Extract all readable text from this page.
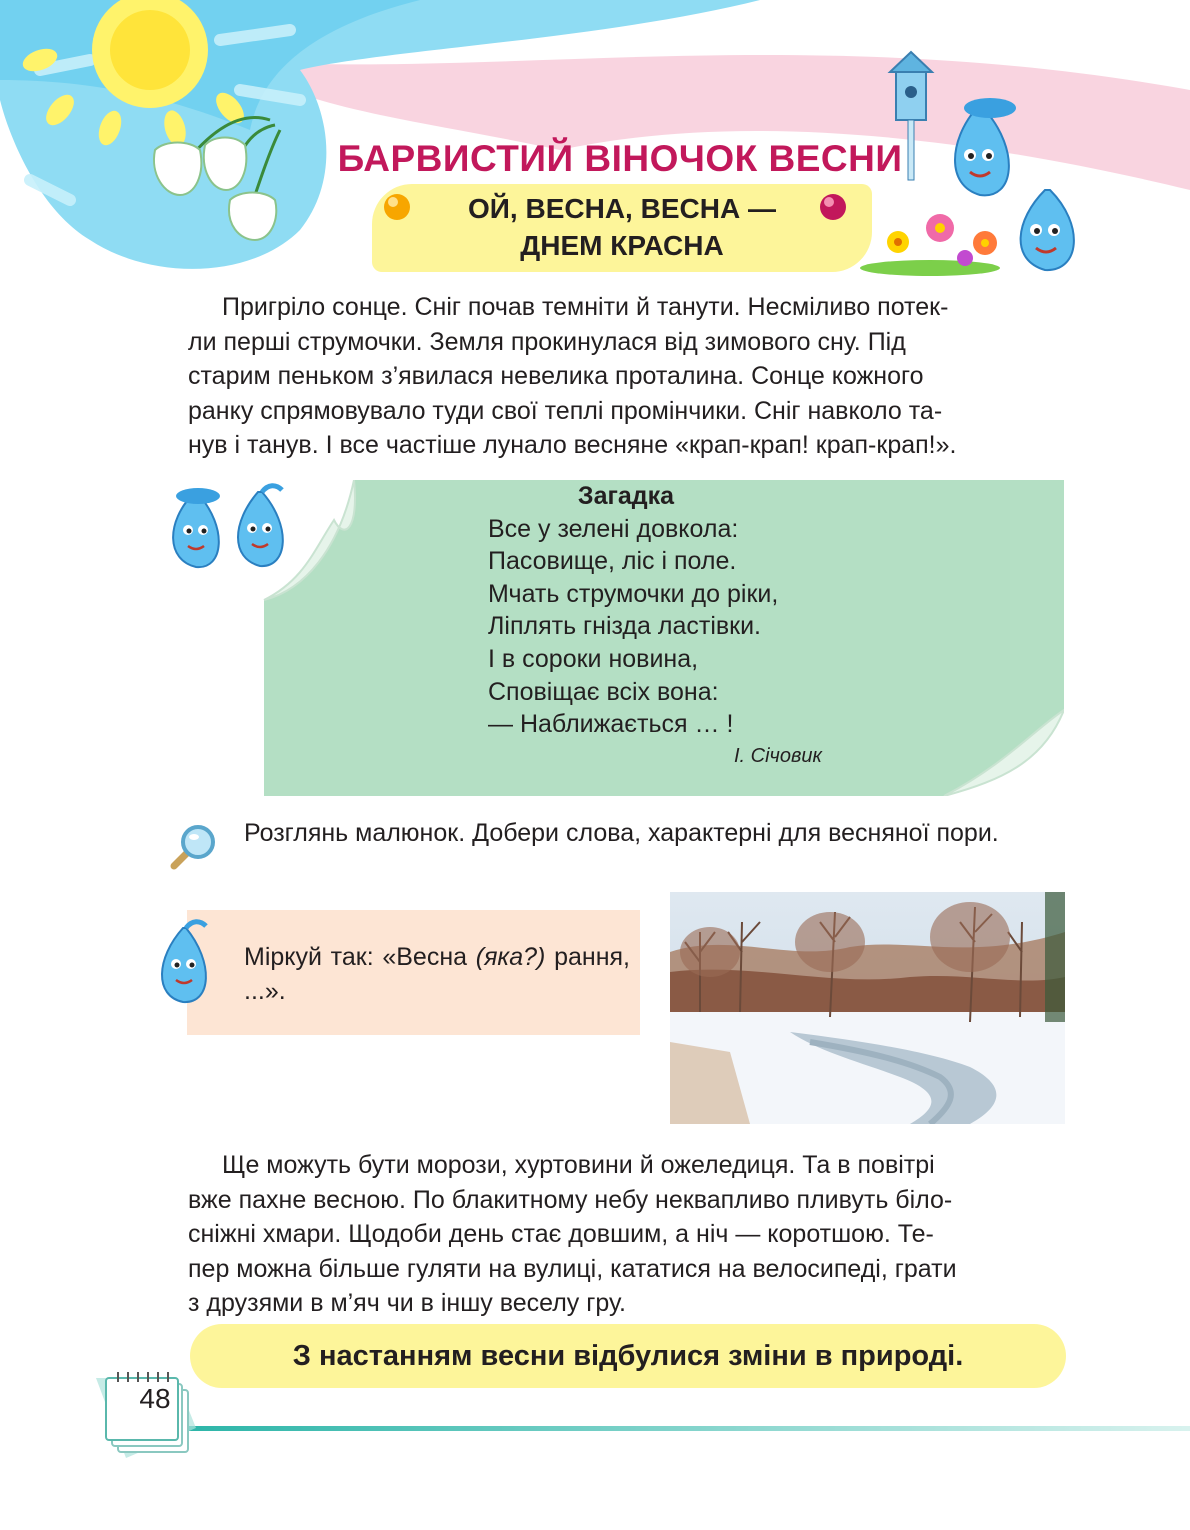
БАРВИСТИЙ ВІНОЧОК ВЕСНИ
ОЙ, ВЕСНА, ВЕСНА —
ДНЕМ КРАСНА
Пригріло сонце. Сніг почав темніти й танути. Несміливо потек-
ли перші струмочки. Земля прокинулася від зимового сну. Під
старим пеньком з’явилася невелика проталина. Сонце кожного
ранку спрямовувало туди свої теплі промінчики. Сніг навколо та-
нув і танув. І все частіше лунало весняне «крап-крап! крап-крап!».
Загадка
Все у зелені довкола:
Пасовище, ліс і поле.
Мчать струмочки до ріки,
Ліплять гнізда ластівки.
І в сороки новина,
Сповіщає всіх вона:
— Наближається … !
І. Січовик
Розглянь малюнок. Добери слова, характерні для весняної пори.
Міркуй так: «Весна (яка?) рання, ...».
Ще можуть бути морози, хуртовини й ожеледиця. Та в повітрі
вже пахне весною. По блакитному небу неквапливо пливуть біло-
сніжні хмари. Щодоби день стає довшим, а ніч — коротшою. Те-
пер можна більше гуляти на вулиці, кататися на велосипеді, грати
з друзями в м’яч чи в іншу веселу гру.
З настанням весни відбулися зміни в природі.
48
